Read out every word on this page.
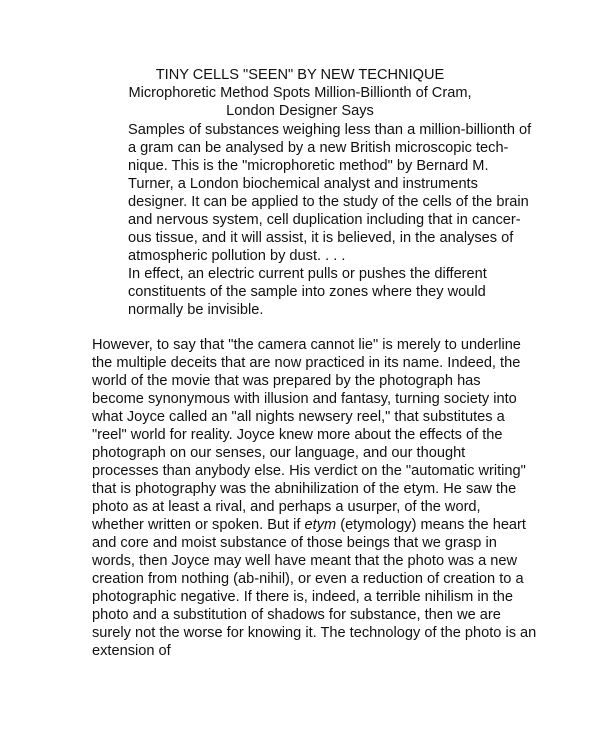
TINY CELLS "SEEN" BY NEW TECHNIQUE
Microphoretic Method Spots Million-Billionth of Cram,
London Designer Says
Samples of substances weighing less than a million-billionth of
a gram can be analysed by a new British microscopic tech-
nique. This is the "microphoretic method" by Bernard M.
Turner, a London biochemical analyst and instruments
designer. It can be applied to the study of the cells of the brain
and nervous system, cell duplication including that in cancer-
ous tissue, and it will assist, it is believed, in the analyses of
atmospheric pollution by dust. . . .
In effect, an electric current pulls or pushes the different
constituents of the sample into zones where they would
normally be invisible.
However, to say that "the camera cannot lie" is merely to underline
the multiple deceits that are now practiced in its name. Indeed, the
world of the movie that was prepared by the photograph has
become synonymous with illusion and fantasy, turning society into
what Joyce called an "all nights newsery reel," that substitutes a
"reel" world for reality. Joyce knew more about the effects of the
photograph on our senses, our language, and our thought
processes than anybody else. His verdict on the "automatic writing"
that is photography was the abnihilization of the etym. He saw the
photo as at least a rival, and perhaps a usurper, of the word,
whether written or spoken. But if etym (etymology) means the heart
and core and moist substance of those beings that we grasp in
words, then Joyce may well have meant that the photo was a new
creation from nothing (ab-nihil), or even a reduction of creation to a
photographic negative. If there is, indeed, a terrible nihilism in the
photo and a substitution of shadows for substance, then we are
surely not the worse for knowing it. The technology of the photo is an
extension of
